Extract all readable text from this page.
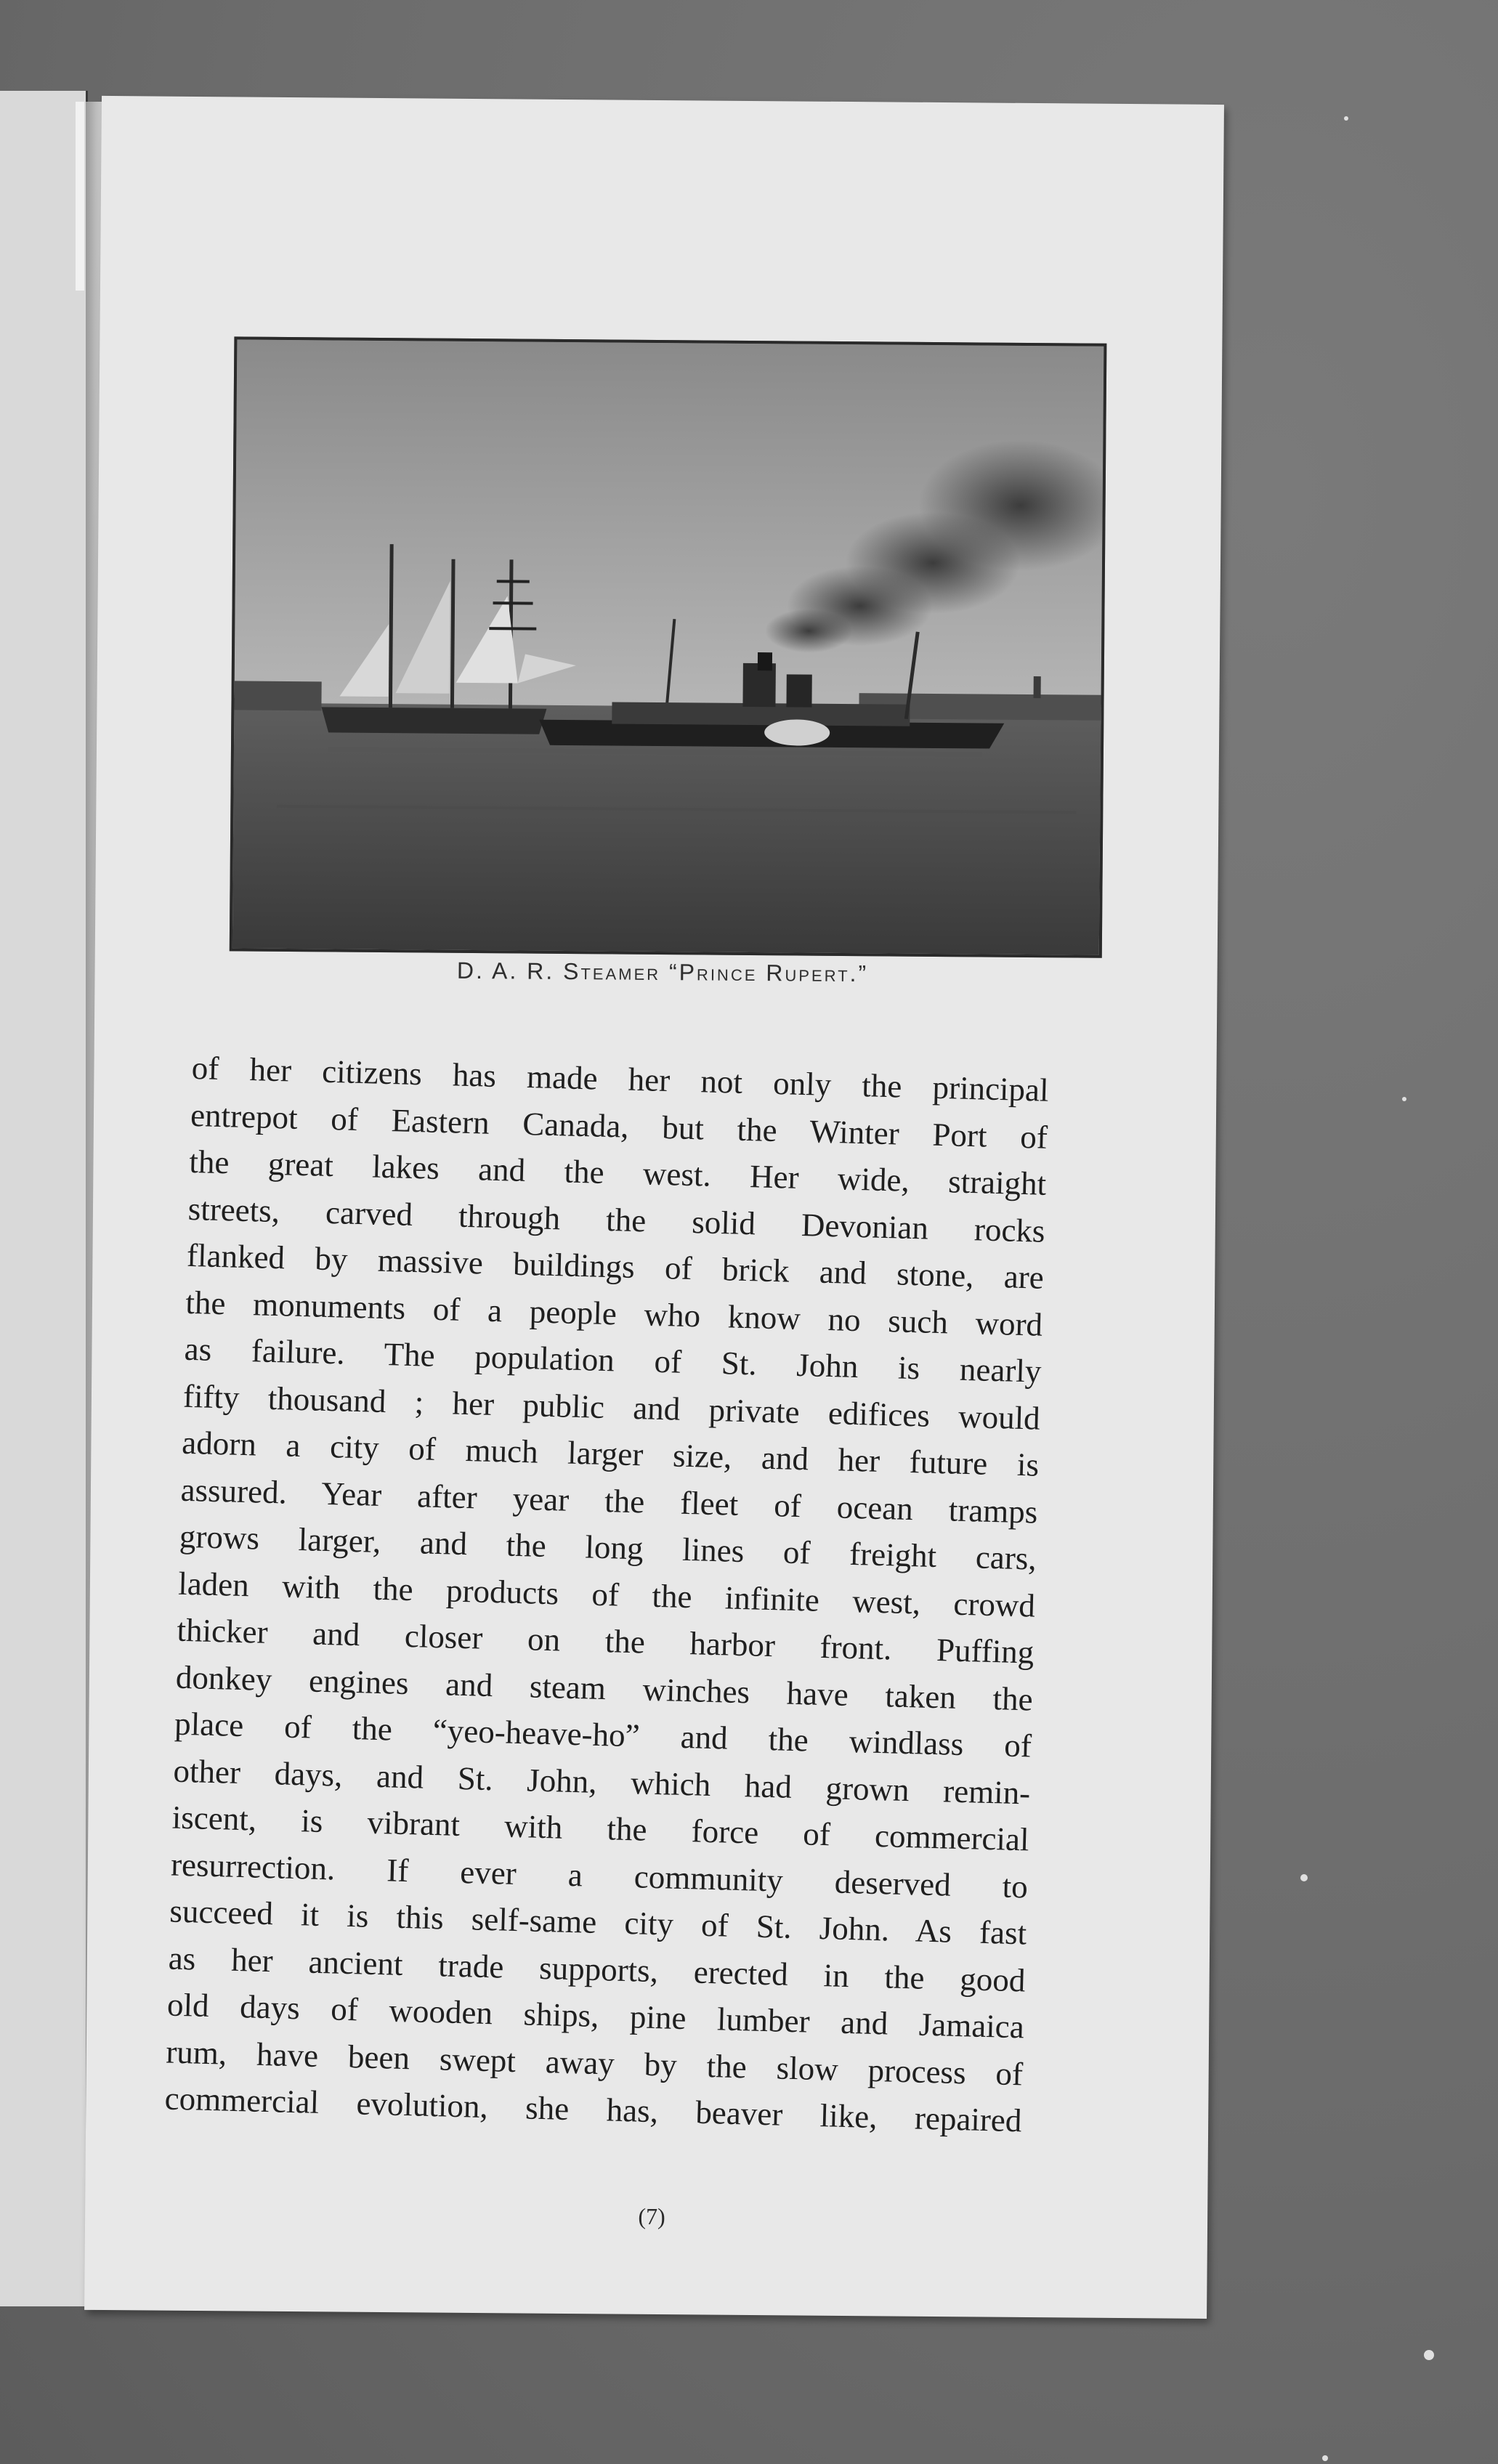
D. A. R. Steamer “Prince Rupert.”
of her citizens has made her not only the principal
entrepot of Eastern Canada, but the Winter Port of
the great lakes and the west. Her wide, straight
streets, carved through the solid Devonian rocks
flanked by massive buildings of brick and stone, are
the monuments of a people who know no such word
as failure. The population of St. John is nearly
fifty thousand ; her public and private edifices would
adorn a city of much larger size, and her future is
assured. Year after year the fleet of ocean tramps
grows larger, and the long lines of freight cars,
laden with the products of the infinite west, crowd
thicker and closer on the harbor front. Puffing
donkey engines and steam winches have taken the
place of the “yeo-heave-ho” and the windlass of
other days, and St. John, which had grown remin-
iscent, is vibrant with the force of commercial
resurrection. If ever a community deserved to
succeed it is this self-same city of St. John. As fast
as her ancient trade supports, erected in the good
old days of wooden ships, pine lumber and Jamaica
rum, have been swept away by the slow process of
commercial evolution, she has, beaver like, repaired
(7)
